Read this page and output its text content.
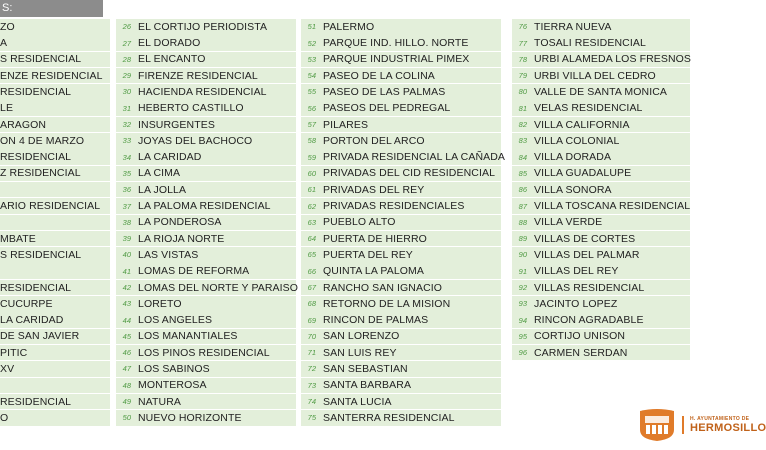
S:
ZO
A
S RESIDENCIAL
ENZE RESIDENCIAL
RESIDENCIAL
LE
ARAGON
ON 4 DE MARZO
RESIDENCIAL
Z RESIDENCIAL
ARIO RESIDENCIAL
MBATE
S RESIDENCIAL
RESIDENCIAL
CUCURPE
LA CARIDAD
DE SAN JAVIER
PITIC
XV
RESIDENCIAL
O
26 EL CORTIJO PERIODISTA
27 EL DORADO
28 EL ENCANTO
29 FIRENZE RESIDENCIAL
30 HACIENDA RESIDENCIAL
31 HEBERTO CASTILLO
32 INSURGENTES
33 JOYAS DEL BACHOCO
34 LA CARIDAD
35 LA CIMA
36 LA JOLLA
37 LA PALOMA RESIDENCIAL
38 LA PONDEROSA
39 LA RIOJA NORTE
40 LAS VISTAS
41 LOMAS DE REFORMA
42 LOMAS DEL NORTE Y PARAISO
43 LORETO
44 LOS ANGELES
45 LOS MANANTIALES
46 LOS PINOS RESIDENCIAL
47 LOS SABINOS
48 MONTEROSA
49 NATURA
50 NUEVO HORIZONTE
51 PALERMO
52 PARQUE IND. HILLO. NORTE
53 PARQUE INDUSTRIAL PIMEX
54 PASEO DE LA COLINA
55 PASEO DE LAS PALMAS
56 PASEOS DEL PEDREGAL
57 PILARES
58 PORTON DEL ARCO
59 PRIVADA RESIDENCIAL LA CAÑADA
60 PRIVADAS DEL CID RESIDENCIAL
61 PRIVADAS DEL REY
62 PRIVADAS RESIDENCIALES
63 PUEBLO ALTO
64 PUERTA DE HIERRO
65 PUERTA DEL REY
66 QUINTA LA PALOMA
67 RANCHO SAN IGNACIO
68 RETORNO DE LA MISION
69 RINCON DE PALMAS
70 SAN LORENZO
71 SAN LUIS REY
72 SAN SEBASTIAN
73 SANTA BARBARA
74 SANTA LUCIA
75 SANTERRA RESIDENCIAL
76 TIERRA NUEVA
77 TOSALI RESIDENCIAL
78 URBI ALAMEDA LOS FRESNOS
79 URBI VILLA DEL CEDRO
80 VALLE DE SANTA MONICA
81 VELAS RESIDENCIAL
82 VILLA CALIFORNIA
83 VILLA COLONIAL
84 VILLA DORADA
85 VILLA GUADALUPE
86 VILLA SONORA
87 VILLA TOSCANA RESIDENCIAL
88 VILLA VERDE
89 VILLAS DE CORTES
90 VILLAS DEL PALMAR
91 VILLAS DEL REY
92 VILLAS RESIDENCIAL
93 JACINTO LOPEZ
94 RINCON AGRADABLE
95 CORTIJO UNISON
96 CARMEN SERDAN
H. AYUNTAMIENTO DE
HERMOSILLO
